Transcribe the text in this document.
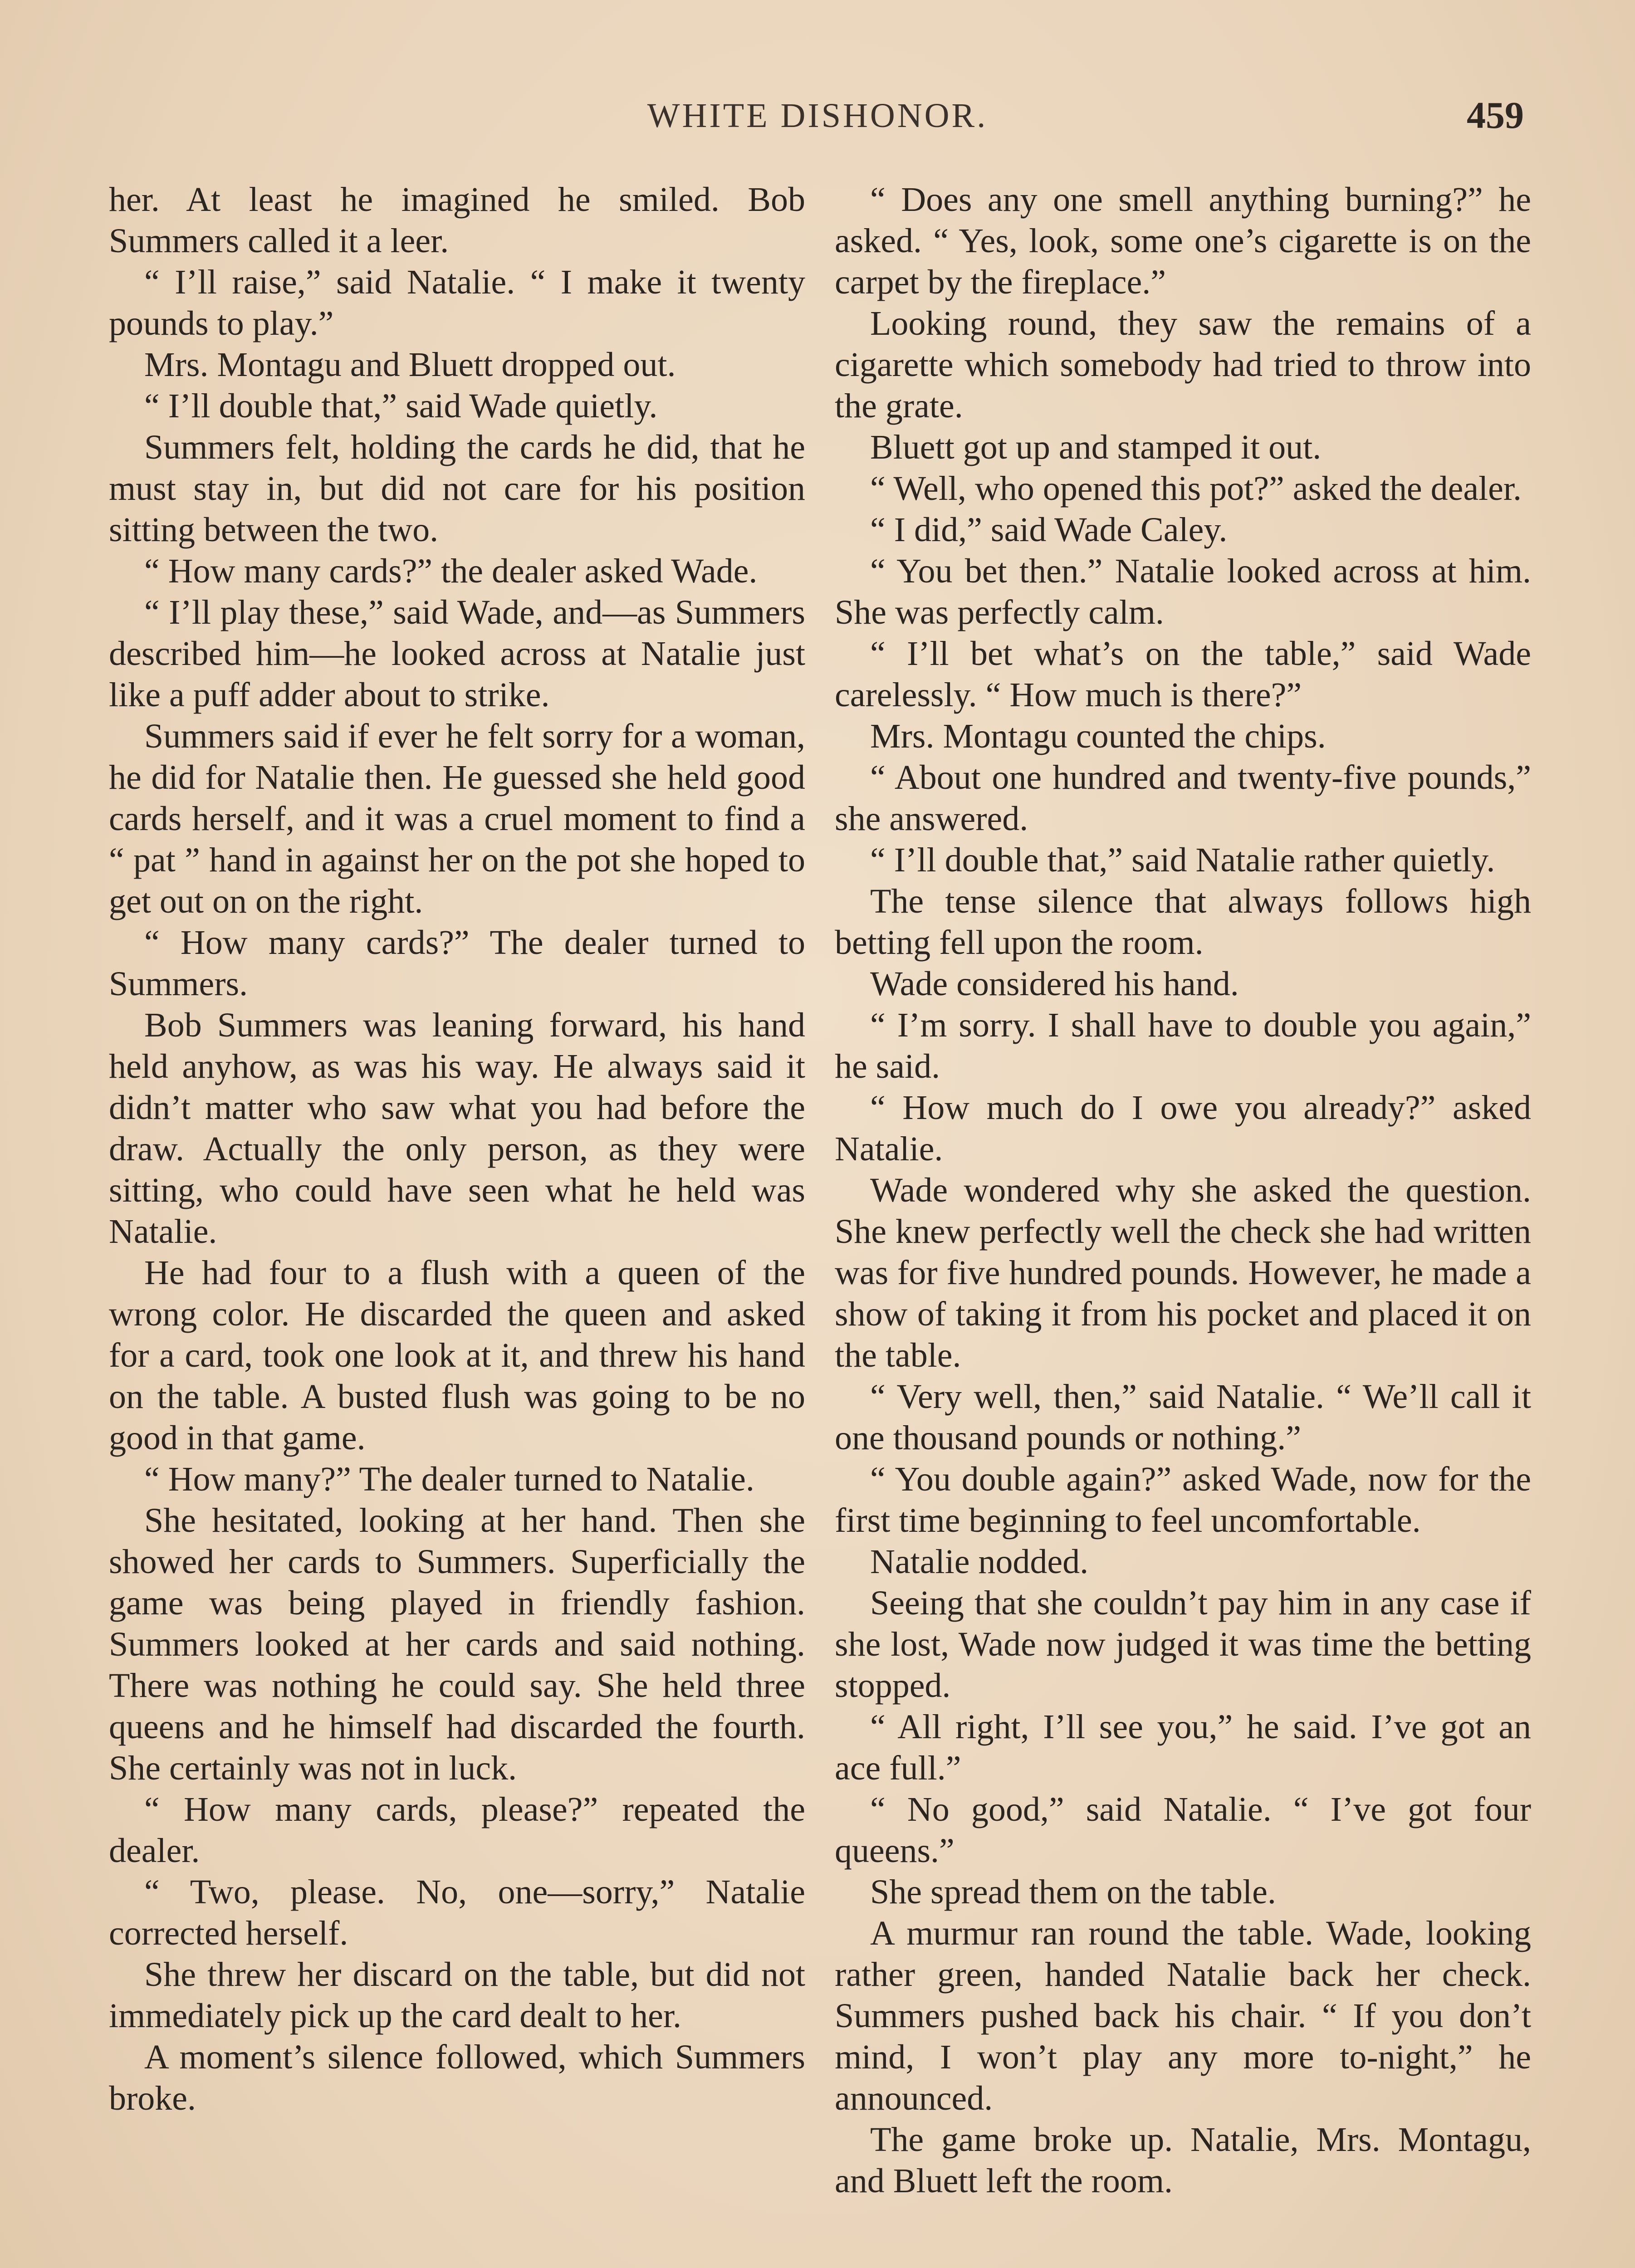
WHITE DISHONOR.	459

her. At least he imagined he smiled. Bob Summers called it a leer.

“ I’ll raise,” said Natalie. “ I make it twenty pounds to play.”

Mrs. Montagu and Bluett dropped out.

“ I’ll double that,” said Wade quietly.

Summers felt, holding the cards he did, that he must stay in, but did not care for his position sitting between the two.

“ How many cards?” the dealer asked Wade.

“ I’ll play these,” said Wade, and—as Summers described him—he looked across at Natalie just like a puff adder about to strike.

Summers said if ever he felt sorry for a woman, he did for Natalie then. He guessed she held good cards herself, and it was a cruel moment to find a “ pat ” hand in against her on the pot she hoped to get out on on the right.

“ How many cards?” The dealer turned to Summers.

Bob Summers was leaning forward, his hand held anyhow, as was his way. He always said it didn’t matter who saw what you had before the draw. Actually the only person, as they were sitting, who could have seen what he held was Natalie.

He had four to a flush with a queen of the wrong color. He discarded the queen and asked for a card, took one look at it, and threw his hand on the table. A busted flush was going to be no good in that game.

“ How many?” The dealer turned to Natalie.

She hesitated, looking at her hand. Then she showed her cards to Summers. Superficially the game was being played in friendly fashion. Summers looked at her cards and said nothing. There was nothing he could say. She held three queens and he himself had discarded the fourth. She certainly was not in luck.

“ How many cards, please?” repeated the dealer.

“ Two, please. No, one—sorry,” Natalie corrected herself.

She threw her discard on the table, but did not immediately pick up the card dealt to her.

A moment’s silence followed, which Summers broke.

“ Does any one smell anything burning?” he asked. “ Yes, look, some one’s cigarette is on the carpet by the fireplace.”

Looking round, they saw the remains of a cigarette which somebody had tried to throw into the grate.

Bluett got up and stamped it out.

“ Well, who opened this pot?” asked the dealer.

“ I did,” said Wade Caley.

“ You bet then.” Natalie looked across at him. She was perfectly calm.

“ I’ll bet what’s on the table,” said Wade carelessly. “ How much is there?”

Mrs. Montagu counted the chips.

“ About one hundred and twenty-five pounds,” she answered.

“ I’ll double that,” said Natalie rather quietly.

The tense silence that always follows high betting fell upon the room.

Wade considered his hand.

“ I’m sorry. I shall have to double you again,” he said.

“ How much do I owe you already?” asked Natalie.

Wade wondered why she asked the question. She knew perfectly well the check she had written was for five hundred pounds. However, he made a show of taking it from his pocket and placed it on the table.

“ Very well, then,” said Natalie. “ We’ll call it one thousand pounds or nothing.”

“ You double again?” asked Wade, now for the first time beginning to feel uncomfortable.

Natalie nodded.

Seeing that she couldn’t pay him in any case if she lost, Wade now judged it was time the betting stopped.

“ All right, I’ll see you,” he said. I’ve got an ace full.”

“ No good,” said Natalie. “ I’ve got four queens.”

She spread them on the table.

A murmur ran round the table. Wade, looking rather green, handed Natalie back her check. Summers pushed back his chair. “ If you don’t mind, I won’t play any more to-night,” he announced.

The game broke up. Natalie, Mrs. Montagu, and Bluett left the room.
